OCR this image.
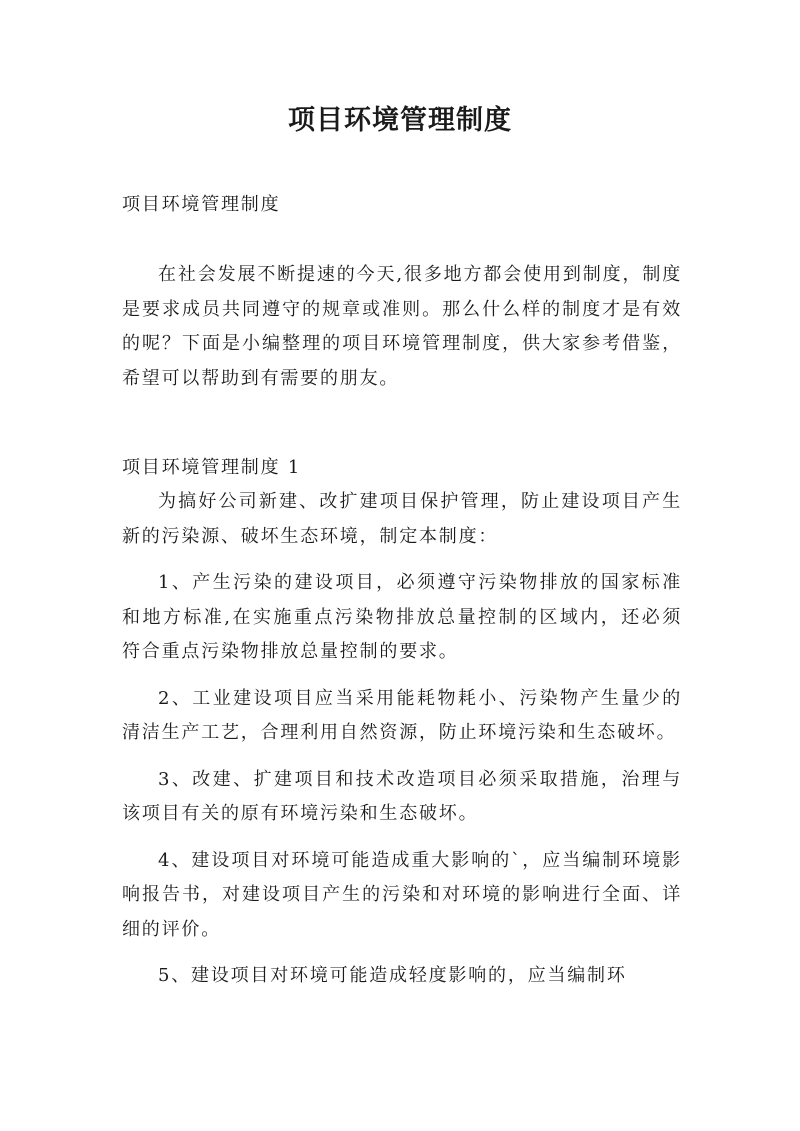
项目环境管理制度

项目环境管理制度

在社会发展不断提速的今天,很多地方都会使用到制度，制度是要求成员共同遵守的规章或准则。那么什么样的制度才是有效的呢？下面是小编整理的项目环境管理制度，供大家参考借鉴，希望可以帮助到有需要的朋友。

项目环境管理制度 1

为搞好公司新建、改扩建项目保护管理，防止建设项目产生新的污染源、破坏生态环境，制定本制度：

1、产生污染的建设项目，必须遵守污染物排放的国家标准和地方标准,在实施重点污染物排放总量控制的区域内，还必须符合重点污染物排放总量控制的要求。

2、工业建设项目应当采用能耗物耗小、污染物产生量少的清洁生产工艺，合理利用自然资源，防止环境污染和生态破坏。

3、改建、扩建项目和技术改造项目必须采取措施，治理与该项目有关的原有环境污染和生态破坏。

4、建设项目对环境可能造成重大影响的`，应当编制环境影响报告书，对建设项目产生的污染和对环境的影响进行全面、详细的评价。

5、建设项目对环境可能造成轻度影响的，应当编制环
